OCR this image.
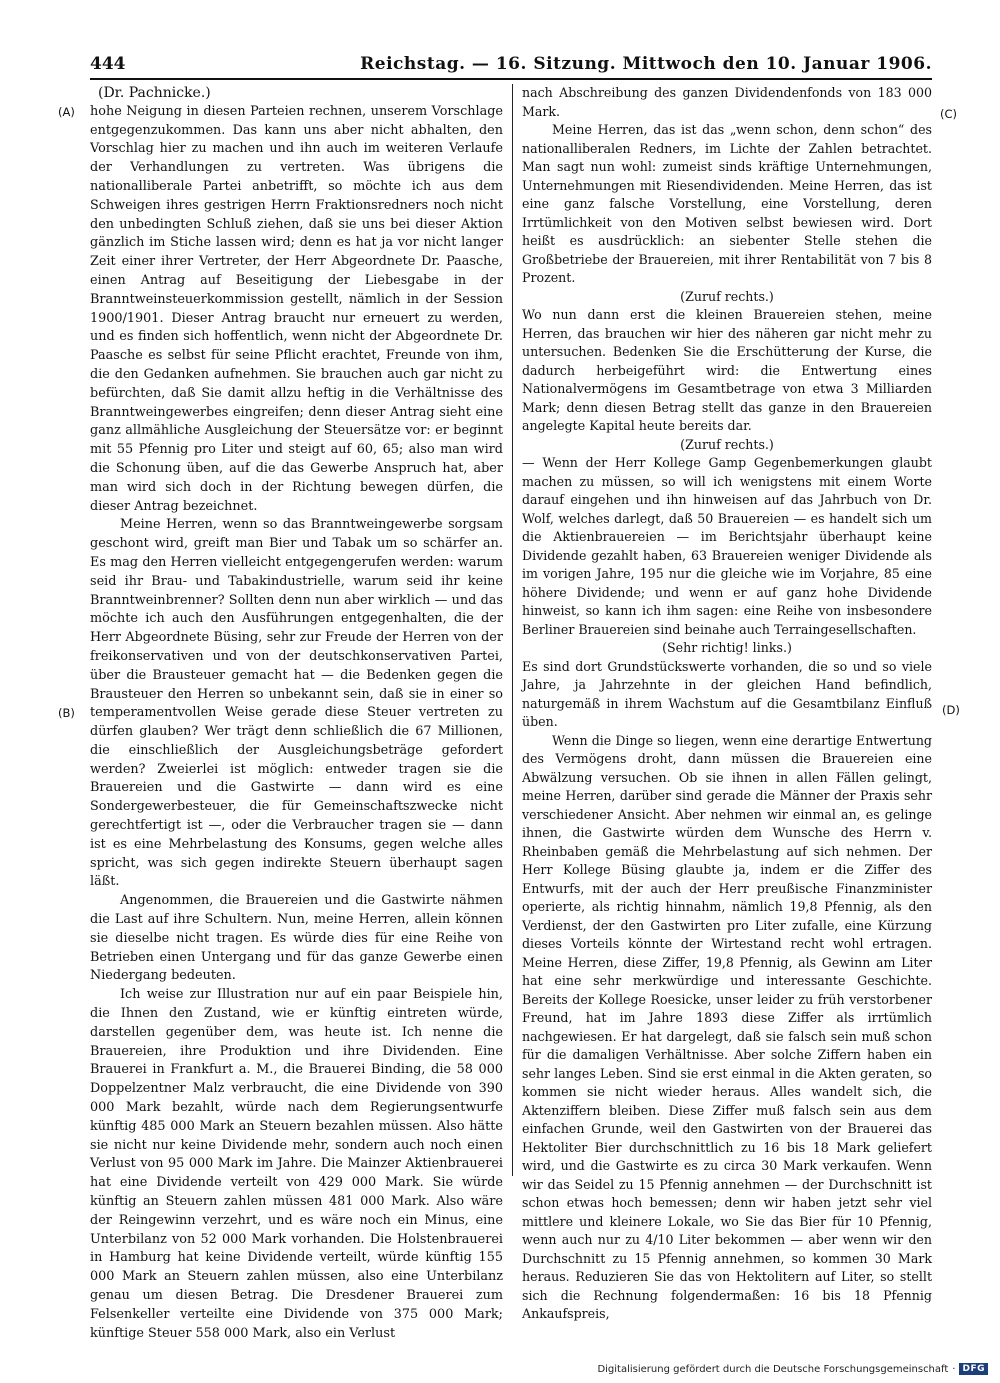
444	Reichstag. — 16. Sitzung. Mittwoch den 10. Januar 1906.
(A)
(B)
(C)
(D)

(Dr. Pachnicke.)

hohe Neigung in diesen Parteien rechnen, unserem Vorschlage entgegenzukommen. Das kann uns aber nicht abhalten, den Vorschlag hier zu machen und ihn auch im weiteren Verlaufe der Verhandlungen zu vertreten. Was übrigens die nationalliberale Partei anbetrifft, so möchte ich aus dem Schweigen ihres gestrigen Herrn Fraktionsredners noch nicht den unbedingten Schluß ziehen, daß sie uns bei dieser Aktion gänzlich im Stiche lassen wird; denn es hat ja vor nicht langer Zeit einer ihrer Vertreter, der Herr Abgeordnete Dr. Paasche, einen Antrag auf Beseitigung der Liebesgabe in der Branntweinsteuerkommission gestellt, nämlich in der Session 1900/1901. Dieser Antrag braucht nur erneuert zu werden, und es finden sich hoffentlich, wenn nicht der Abgeordnete Dr. Paasche es selbst für seine Pflicht erachtet, Freunde von ihm, die den Gedanken aufnehmen. Sie brauchen auch gar nicht zu befürchten, daß Sie damit allzu heftig in die Verhältnisse des Branntweingewerbes eingreifen; denn dieser Antrag sieht eine ganz allmähliche Ausgleichung der Steuersätze vor: er beginnt mit 55 Pfennig pro Liter und steigt auf 60, 65; also man wird die Schonung üben, auf die das Gewerbe Anspruch hat, aber man wird sich doch in der Richtung bewegen dürfen, die dieser Antrag bezeichnet.

Meine Herren, wenn so das Branntweingewerbe sorgsam geschont wird, greift man Bier und Tabak um so schärfer an. Es mag den Herren vielleicht entgegengerufen werden: warum seid ihr Brau- und Tabakindustrielle, warum seid ihr keine Branntweinbrenner? Sollten denn nun aber wirklich — und das möchte ich auch den Ausführungen entgegenhalten, die der Herr Abgeordnete Büsing, sehr zur Freude der Herren von der freikonservativen und von der deutschkonservativen Partei, über die Brausteuer gemacht hat — die Bedenken gegen die Brausteuer den Herren so unbekannt sein, daß sie in einer so temperamentvollen Weise gerade diese Steuer vertreten zu dürfen glauben? Wer trägt denn schließlich die 67 Millionen, die einschließlich der Ausgleichungsbeträge gefordert werden? Zweierlei ist möglich: entweder tragen sie die Brauereien und die Gastwirte — dann wird es eine Sondergewerbesteuer, die für Gemeinschaftszwecke nicht gerechtfertigt ist —, oder die Verbraucher tragen sie — dann ist es eine Mehrbelastung des Konsums, gegen welche alles spricht, was sich gegen indirekte Steuern überhaupt sagen läßt.

Angenommen, die Brauereien und die Gastwirte nähmen die Last auf ihre Schultern. Nun, meine Herren, allein können sie dieselbe nicht tragen. Es würde dies für eine Reihe von Betrieben einen Untergang und für das ganze Gewerbe einen Niedergang bedeuten.

Ich weise zur Illustration nur auf ein paar Beispiele hin, die Ihnen den Zustand, wie er künftig eintreten würde, darstellen gegenüber dem, was heute ist. Ich nenne die Brauereien, ihre Produktion und ihre Dividenden. Eine Brauerei in Frankfurt a. M., die Brauerei Binding, die 58 000 Doppelzentner Malz verbraucht, die eine Dividende von 390 000 Mark bezahlt, würde nach dem Regierungsentwurfe künftig 485 000 Mark an Steuern bezahlen müssen. Also hätte sie nicht nur keine Dividende mehr, sondern auch noch einen Verlust von 95 000 Mark im Jahre. Die Mainzer Aktienbrauerei hat eine Dividende verteilt von 429 000 Mark. Sie würde künftig an Steuern zahlen müssen 481 000 Mark. Also wäre der Reingewinn verzehrt, und es wäre noch ein Minus, eine Unterbilanz von 52 000 Mark vorhanden. Die Holstenbrauerei in Hamburg hat keine Dividende verteilt, würde künftig 155 000 Mark an Steuern zahlen müssen, also eine Unterbilanz genau um diesen Betrag. Die Dresdener Brauerei zum Felsenkeller verteilte eine Dividende von 375 000 Mark; künftige Steuer 558 000 Mark, also ein Verlust

nach Abschreibung des ganzen Dividendenfonds von 183 000 Mark.

Meine Herren, das ist das „wenn schon, denn schon“ des nationalliberalen Redners, im Lichte der Zahlen betrachtet. Man sagt nun wohl: zumeist sinds kräftige Unternehmungen, Unternehmungen mit Riesendividenden. Meine Herren, das ist eine ganz falsche Vorstellung, eine Vorstellung, deren Irrtümlichkeit von den Motiven selbst bewiesen wird. Dort heißt es ausdrücklich: an siebenter Stelle stehen die Großbetriebe der Brauereien, mit ihrer Rentabilität von 7 bis 8 Prozent.

(Zuruf rechts.)

Wo nun dann erst die kleinen Brauereien stehen, meine Herren, das brauchen wir hier des näheren gar nicht mehr zu untersuchen. Bedenken Sie die Erschütterung der Kurse, die dadurch herbeigeführt wird: die Entwertung eines Nationalvermögens im Gesamtbetrage von etwa 3 Milliarden Mark; denn diesen Betrag stellt das ganze in den Brauereien angelegte Kapital heute bereits dar.

(Zuruf rechts.)

— Wenn der Herr Kollege Gamp Gegenbemerkungen glaubt machen zu müssen, so will ich wenigstens mit einem Worte darauf eingehen und ihn hinweisen auf das Jahrbuch von Dr. Wolf, welches darlegt, daß 50 Brauereien — es handelt sich um die Aktienbrauereien — im Berichtsjahr überhaupt keine Dividende gezahlt haben, 63 Brauereien weniger Dividende als im vorigen Jahre, 195 nur die gleiche wie im Vorjahre, 85 eine höhere Dividende; und wenn er auf ganz hohe Dividende hinweist, so kann ich ihm sagen: eine Reihe von insbesondere Berliner Brauereien sind beinahe auch Terraingesellschaften.

(Sehr richtig! links.)

Es sind dort Grundstückswerte vorhanden, die so und so viele Jahre, ja Jahrzehnte in der gleichen Hand befindlich, naturgemäß in ihrem Wachstum auf die Gesamtbilanz Einfluß üben.

Wenn die Dinge so liegen, wenn eine derartige Entwertung des Vermögens droht, dann müssen die Brauereien eine Abwälzung versuchen. Ob sie ihnen in allen Fällen gelingt, meine Herren, darüber sind gerade die Männer der Praxis sehr verschiedener Ansicht. Aber nehmen wir einmal an, es gelinge ihnen, die Gastwirte würden dem Wunsche des Herrn v. Rheinbaben gemäß die Mehrbelastung auf sich nehmen. Der Herr Kollege Büsing glaubte ja, indem er die Ziffer des Entwurfs, mit der auch der Herr preußische Finanzminister operierte, als richtig hinnahm, nämlich 19,8 Pfennig, als den Verdienst, der den Gastwirten pro Liter zufalle, eine Kürzung dieses Vorteils könnte der Wirtestand recht wohl ertragen. Meine Herren, diese Ziffer, 19,8 Pfennig, als Gewinn am Liter hat eine sehr merkwürdige und interessante Geschichte. Bereits der Kollege Roesicke, unser leider zu früh verstorbener Freund, hat im Jahre 1893 diese Ziffer als irrtümlich nachgewiesen. Er hat dargelegt, daß sie falsch sein muß schon für die damaligen Verhältnisse. Aber solche Ziffern haben ein sehr langes Leben. Sind sie erst einmal in die Akten geraten, so kommen sie nicht wieder heraus. Alles wandelt sich, die Aktenziffern bleiben. Diese Ziffer muß falsch sein aus dem einfachen Grunde, weil den Gastwirten von der Brauerei das Hektoliter Bier durchschnittlich zu 16 bis 18 Mark geliefert wird, und die Gastwirte es zu circa 30 Mark verkaufen. Wenn wir das Seidel zu 15 Pfennig annehmen — der Durchschnitt ist schon etwas hoch bemessen; denn wir haben jetzt sehr viel mittlere und kleinere Lokale, wo Sie das Bier für 10 Pfennig, wenn auch nur zu 4/10 Liter bekommen — aber wenn wir den Durchschnitt zu 15 Pfennig annehmen, so kommen 30 Mark heraus. Reduzieren Sie das von Hektolitern auf Liter, so stellt sich die Rechnung folgendermaßen: 16 bis 18 Pfennig Ankaufspreis,

Digitalisierung gefördert durch die Deutsche Forschungsgemeinschaft · DFG
